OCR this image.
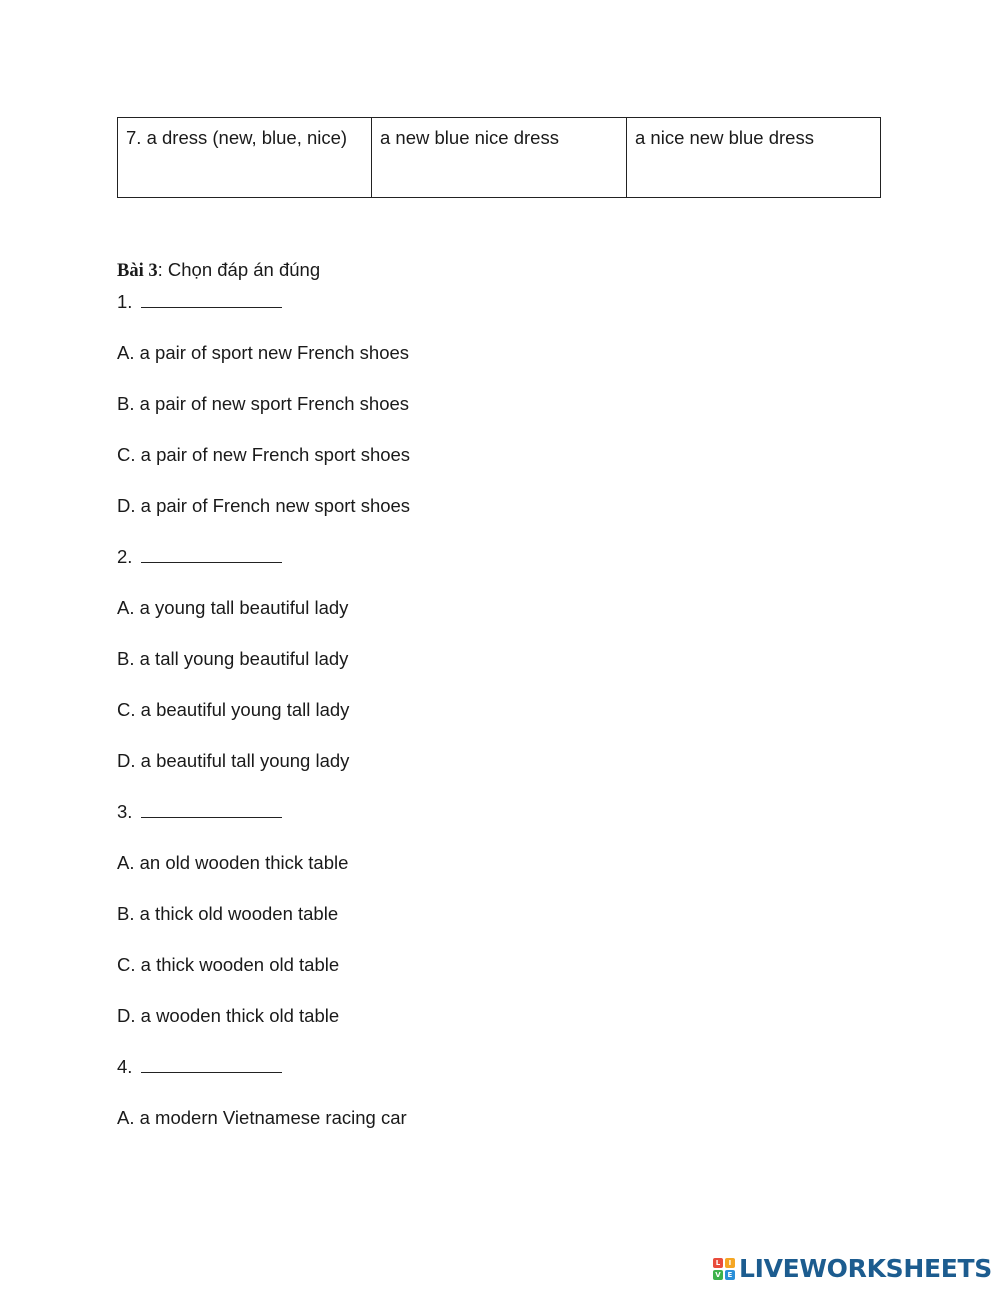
7. a dress (new, blue, nice)	a new blue nice dress	a nice new blue dress

Bài 3: Chọn đáp án đúng

1.

A. a pair of sport new French shoes

B. a pair of new sport French shoes

C. a pair of new French sport shoes

D. a pair of French new sport shoes

2.

A. a young tall beautiful lady

B. a tall young beautiful lady

C. a beautiful young tall lady

D. a beautiful tall young lady

3.

A. an old wooden thick table

B. a thick old wooden table

C. a thick wooden old table

D. a wooden thick old table

4.

A. a modern Vietnamese racing car

L	I
V E LIVEWORKSHEETS
